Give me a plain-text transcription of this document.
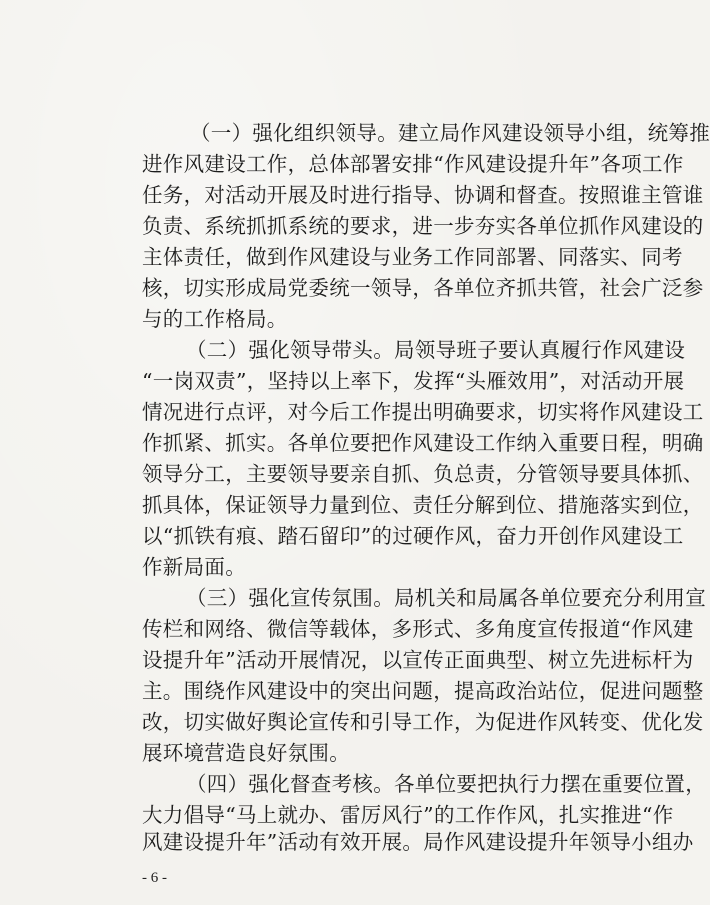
（一）强化组织领导。建立局作风建设领导小组，统筹推
进作风建设工作，总体部署安排“作风建设提升年”各项工作
任务，对活动开展及时进行指导、协调和督查。按照谁主管谁
负责、系统抓抓系统的要求，进一步夯实各单位抓作风建设的
主体责任，做到作风建设与业务工作同部署、同落实、同考
核，切实形成局党委统一领导，各单位齐抓共管，社会广泛参
与的工作格局。
（二）强化领导带头。局领导班子要认真履行作风建设
“一岗双责”，坚持以上率下，发挥“头雁效用”，对活动开展
情况进行点评，对今后工作提出明确要求，切实将作风建设工
作抓紧、抓实。各单位要把作风建设工作纳入重要日程，明确
领导分工，主要领导要亲自抓、负总责，分管领导要具体抓、
抓具体，保证领导力量到位、责任分解到位、措施落实到位，
以“抓铁有痕、踏石留印”的过硬作风，奋力开创作风建设工
作新局面。
（三）强化宣传氛围。局机关和局属各单位要充分利用宣
传栏和网络、微信等载体，多形式、多角度宣传报道“作风建
设提升年”活动开展情况，以宣传正面典型、树立先进标杆为
主。围绕作风建设中的突出问题，提高政治站位，促进问题整
改，切实做好舆论宣传和引导工作，为促进作风转变、优化发
展环境营造良好氛围。
（四）强化督查考核。各单位要把执行力摆在重要位置，
大力倡导“马上就办、雷厉风行”的工作作风，扎实推进“作
风建设提升年”活动有效开展。局作风建设提升年领导小组办
- 6 -
